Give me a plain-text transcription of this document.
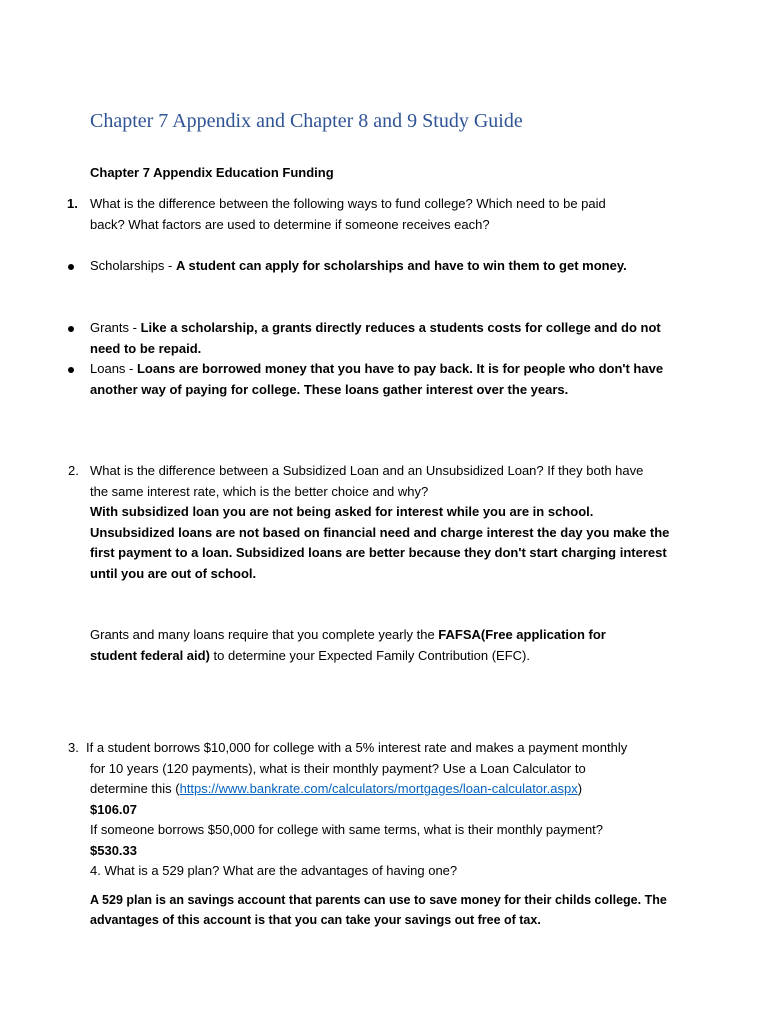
Chapter 7 Appendix and Chapter 8 and 9 Study Guide
Chapter 7 Appendix Education Funding
1. What is the difference between the following ways to fund college? Which need to be paid
back? What factors are used to determine if someone receives each?
Scholarships - A student can apply for scholarships and have to win them to get money.
Grants - Like a scholarship, a grants directly reduces a students costs for college and do not
need to be repaid.
Loans - Loans are borrowed money that you have to pay back. It is for people who don't have
another way of paying for college. These loans gather interest over the years.
2. What is the difference between a Subsidized Loan and an Unsubsidized Loan? If they both have
the same interest rate, which is the better choice and why?
With subsidized loan you are not being asked for interest while you are in school.
Unsubsidized loans are not based on financial need and charge interest the day you make the
first payment to a loan. Subsidized loans are better because they don't start charging interest
until you are out of school.
Grants and many loans require that you complete yearly the FAFSA(Free application for
student federal aid) to determine your Expected Family Contribution (EFC).
3. If a student borrows $10,000 for college with a 5% interest rate and makes a payment monthly
for 10 years (120 payments), what is their monthly payment? Use a Loan Calculator to
determine this (https://www.bankrate.com/calculators/mortgages/loan-calculator.aspx)
$106.07
If someone borrows $50,000 for college with same terms, what is their monthly payment?
$530.33
4. What is a 529 plan? What are the advantages of having one?
A 529 plan is an savings account that parents can use to save money for their childs college. The
advantages of this account is that you can take your savings out free of tax.
